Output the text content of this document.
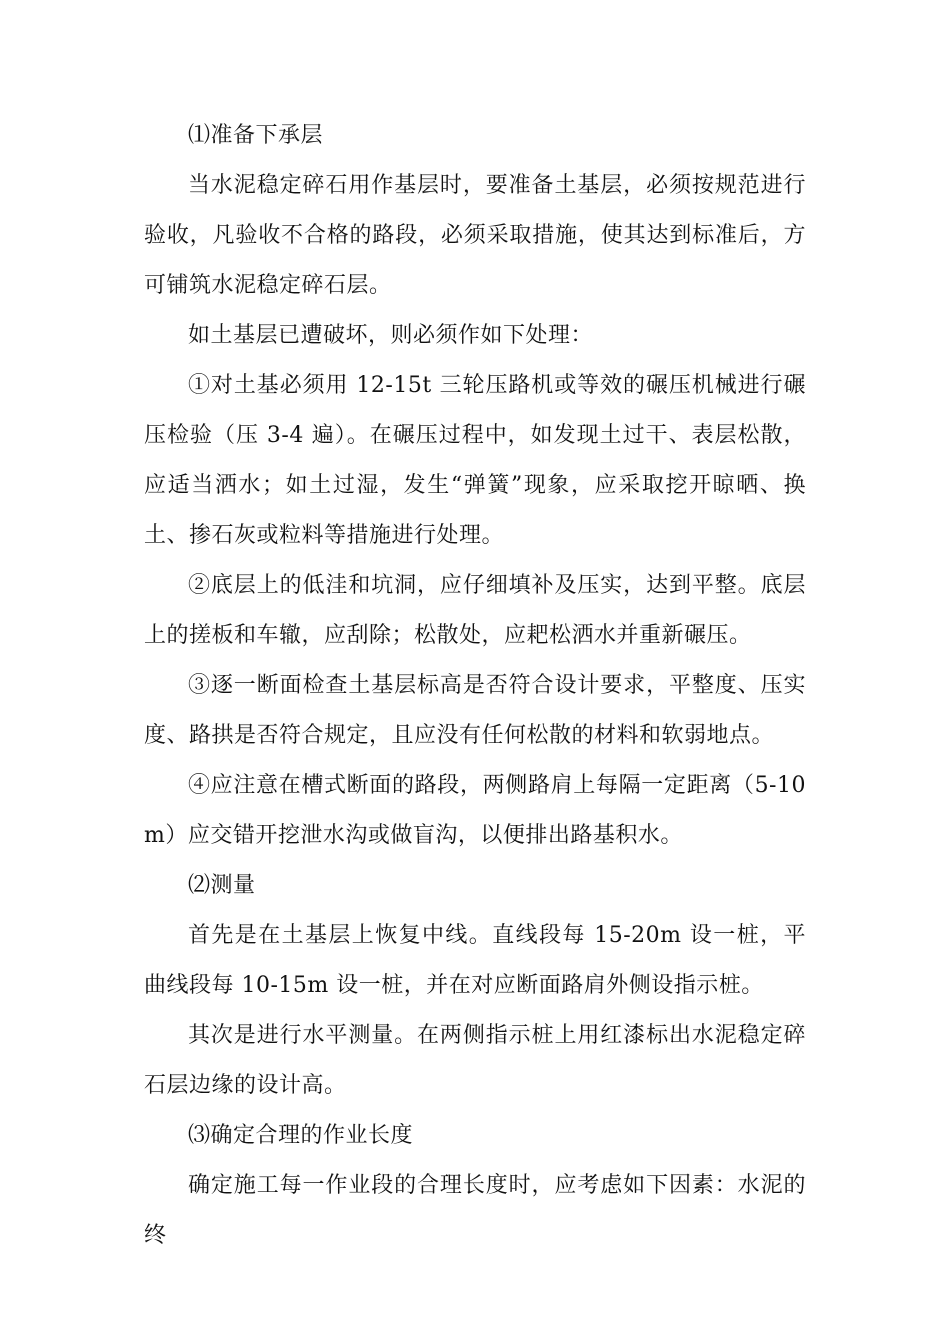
⑴准备下承层

当水泥稳定碎石用作基层时，要准备土基层，必须按规范进行验收，凡验收不合格的路段，必须采取措施，使其达到标准后，方可铺筑水泥稳定碎石层。

如土基层已遭破坏，则必须作如下处理：

①对土基必须用 12-15t 三轮压路机或等效的碾压机械进行碾压检验（压 3-4 遍）。在碾压过程中，如发现土过干、表层松散，应适当洒水；如土过湿，发生“弹簧”现象，应采取挖开晾晒、换土、掺石灰或粒料等措施进行处理。

②底层上的低洼和坑洞，应仔细填补及压实，达到平整。底层上的搓板和车辙，应刮除；松散处，应耙松洒水并重新碾压。

③逐一断面检查土基层标高是否符合设计要求，平整度、压实度、路拱是否符合规定，且应没有任何松散的材料和软弱地点。

④应注意在槽式断面的路段，两侧路肩上每隔一定距离（5-10m）应交错开挖泄水沟或做盲沟，以便排出路基积水。

⑵测量

首先是在土基层上恢复中线。直线段每 15-20m 设一桩，平曲线段每 10-15m 设一桩，并在对应断面路肩外侧设指示桩。

其次是进行水平测量。在两侧指示桩上用红漆标出水泥稳定碎石层边缘的设计高。

⑶确定合理的作业长度

确定施工每一作业段的合理长度时，应考虑如下因素：水泥的终
